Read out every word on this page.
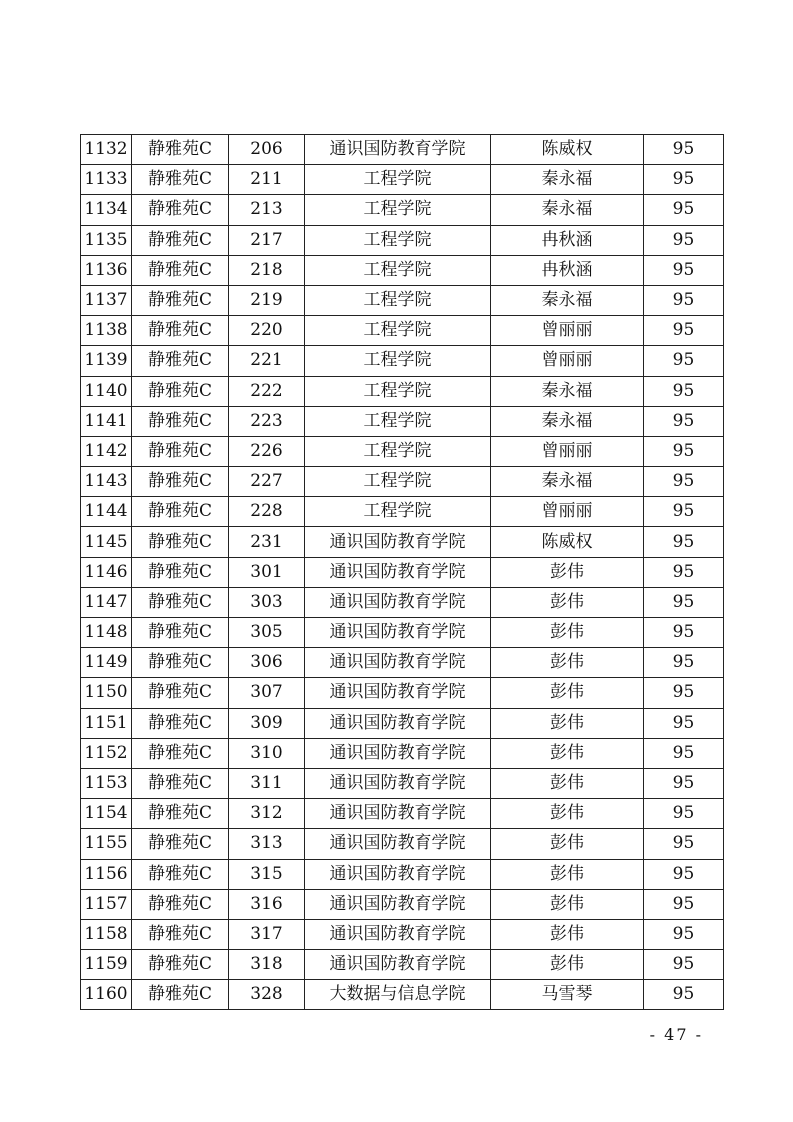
1132	静雅苑C	206	通识国防教育学院	陈威权	95
1133	静雅苑C	211	工程学院	秦永福	95
1134	静雅苑C	213	工程学院	秦永福	95
1135	静雅苑C	217	工程学院	冉秋涵	95
1136	静雅苑C	218	工程学院	冉秋涵	95
1137	静雅苑C	219	工程学院	秦永福	95
1138	静雅苑C	220	工程学院	曾丽丽	95
1139	静雅苑C	221	工程学院	曾丽丽	95
1140	静雅苑C	222	工程学院	秦永福	95
1141	静雅苑C	223	工程学院	秦永福	95
1142	静雅苑C	226	工程学院	曾丽丽	95
1143	静雅苑C	227	工程学院	秦永福	95
1144	静雅苑C	228	工程学院	曾丽丽	95
1145	静雅苑C	231	通识国防教育学院	陈威权	95
1146	静雅苑C	301	通识国防教育学院	彭伟	95
1147	静雅苑C	303	通识国防教育学院	彭伟	95
1148	静雅苑C	305	通识国防教育学院	彭伟	95
1149	静雅苑C	306	通识国防教育学院	彭伟	95
1150	静雅苑C	307	通识国防教育学院	彭伟	95
1151	静雅苑C	309	通识国防教育学院	彭伟	95
1152	静雅苑C	310	通识国防教育学院	彭伟	95
1153	静雅苑C	311	通识国防教育学院	彭伟	95
1154	静雅苑C	312	通识国防教育学院	彭伟	95
1155	静雅苑C	313	通识国防教育学院	彭伟	95
1156	静雅苑C	315	通识国防教育学院	彭伟	95
1157	静雅苑C	316	通识国防教育学院	彭伟	95
1158	静雅苑C	317	通识国防教育学院	彭伟	95
1159	静雅苑C	318	通识国防教育学院	彭伟	95
1160	静雅苑C	328	大数据与信息学院	马雪琴	95
- 47 -
